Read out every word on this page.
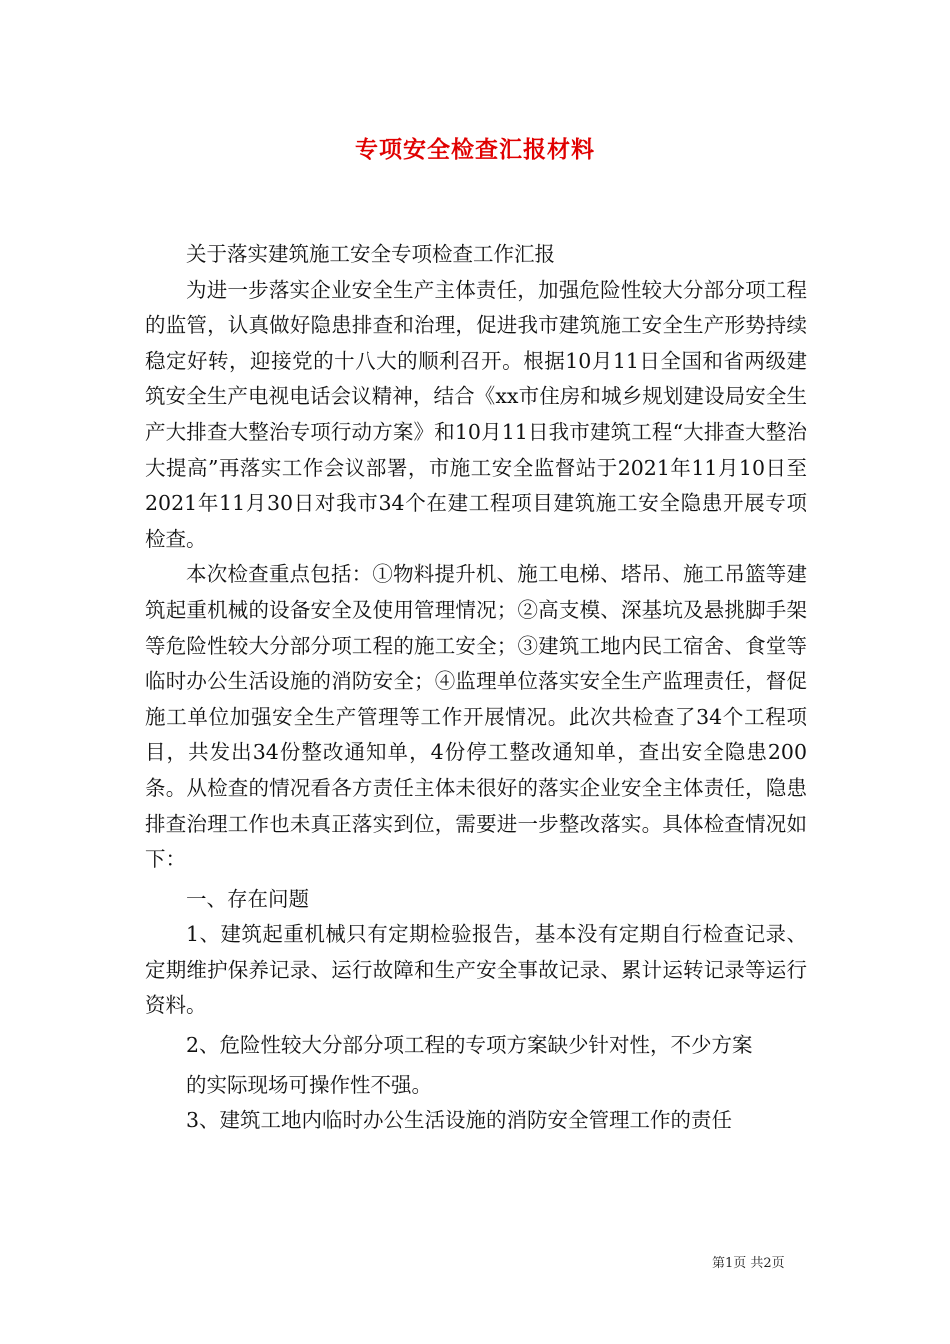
专项安全检查汇报材料

关于落实建筑施工安全专项检查工作汇报

为进一步落实企业安全生产主体责任，加强危险性较大分部分项工程的监管，认真做好隐患排查和治理，促进我市建筑施工安全生产形势持续稳定好转，迎接党的十八大的顺利召开。根据10月11日全国和省两级建筑安全生产电视电话会议精神，结合《xx市住房和城乡规划建设局安全生产大排查大整治专项行动方案》和10月11日我市建筑工程“大排查大整治大提高”再落实工作会议部署，市施工安全监督站于2021年11月10日至2021年11月30日对我市34个在建工程项目建筑施工安全隐患开展专项检查。

本次检查重点包括：①物料提升机、施工电梯、塔吊、施工吊篮等建筑起重机械的设备安全及使用管理情况；②高支模、深基坑及悬挑脚手架等危险性较大分部分项工程的施工安全；③建筑工地内民工宿舍、食堂等临时办公生活设施的消防安全；④监理单位落实安全生产监理责任，督促施工单位加强安全生产管理等工作开展情况。此次共检查了34个工程项目，共发出34份整改通知单，4份停工整改通知单，查出安全隐患200条。从检查的情况看各方责任主体未很好的落实企业安全主体责任，隐患排查治理工作也未真正落实到位，需要进一步整改落实。具体检查情况如下：

一、存在问题

1、建筑起重机械只有定期检验报告，基本没有定期自行检查记录、定期维护保养记录、运行故障和生产安全事故记录、累计运转记录等运行资料。

2、危险性较大分部分项工程的专项方案缺少针对性，不少方案

的实际现场可操作性不强。

3、建筑工地内临时办公生活设施的消防安全管理工作的责任

第1页 共2页
